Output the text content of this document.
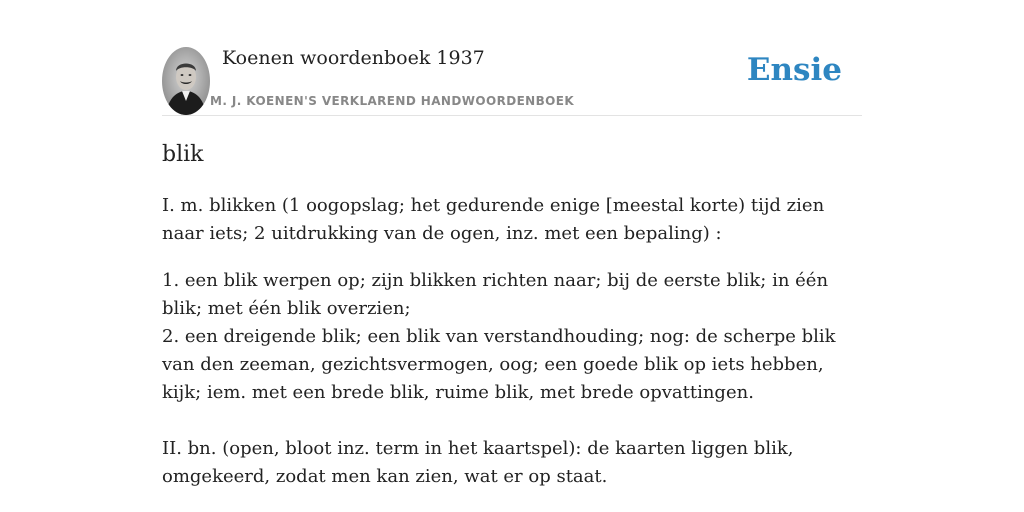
Koenen woordenboek 1937
M. J. KOENEN'S VERKLAREND HANDWOORDENBOEK
Ensie
blik

I. m. blikken (1 oogopslag; het gedurende enige [meestal korte) tijd zien naar iets; 2 uitdrukking van de ogen, inz. met een bepaling) :

1. een blik werpen op; zijn blikken richten naar; bij de eerste blik; in één blik; met één blik overzien;

2. een dreigende blik; een blik van verstandhouding; nog: de scherpe blik van den zeeman, gezichtsvermogen, oog; een goede blik op iets hebben, kijk; iem. met een brede blik, ruime blik, met brede opvattingen.

II. bn. (open, bloot inz. term in het kaartspel): de kaarten liggen blik, omgekeerd, zodat men kan zien, wat er op staat.
